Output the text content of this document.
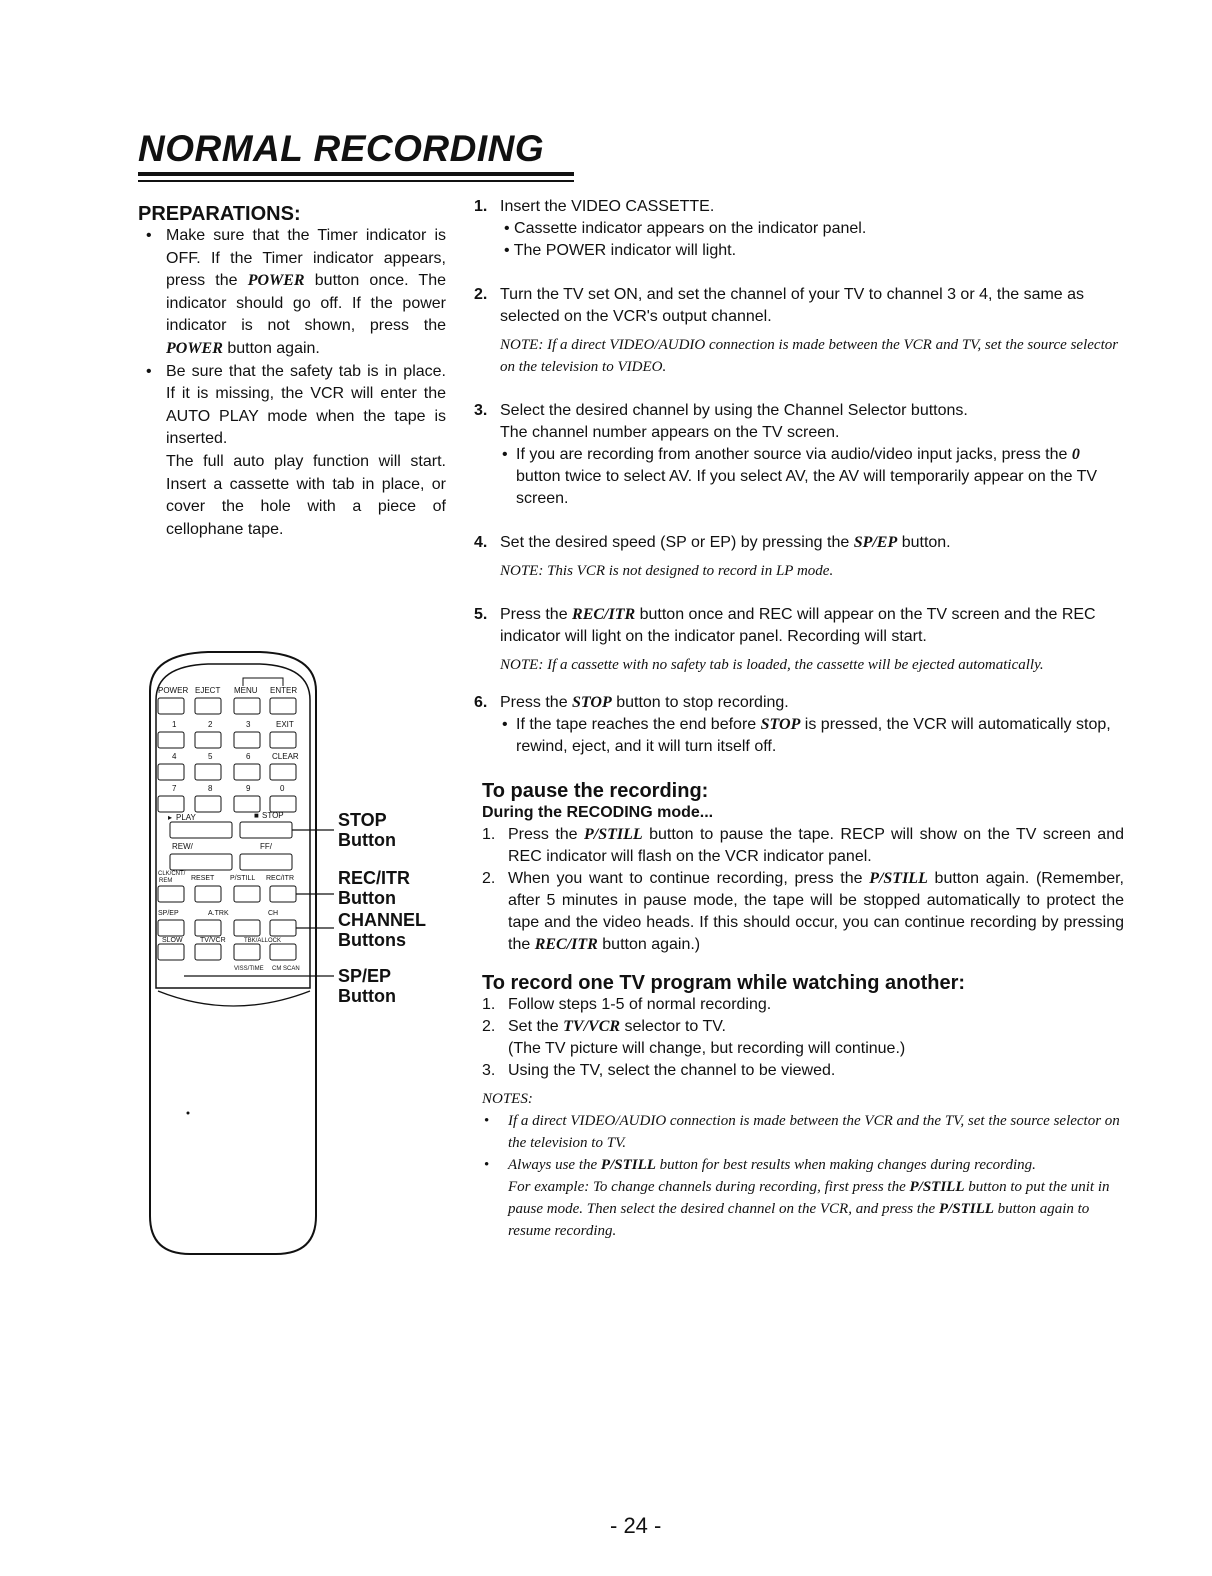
NORMAL RECORDING
PREPARATIONS:
• Make sure that the Timer indicator is OFF. If the Timer indicator appears, press the POWER button once. The indicator should go off. If the power indicator is not shown, press the POWER button again.
• Be sure that the safety tab is in place. If it is missing, the VCR will enter the AUTO PLAY mode when the tape is inserted.
The full auto play function will start. Insert a cassette with tab in place, or cover the hole with a piece of cellophane tape.
1. Insert the VIDEO CASSETTE.
• Cassette indicator appears on the indicator panel.
• The POWER indicator will light.
2. Turn the TV set ON, and set the channel of your TV to channel 3 or 4, the same as selected on the VCR's output channel.
NOTE: If a direct VIDEO/AUDIO connection is made between the VCR and TV, set the source selector on the television to VIDEO.
3. Select the desired channel by using the Channel Selector buttons.
The channel number appears on the TV screen.
• If you are recording from another source via audio/video input jacks, press the 0 button twice to select AV. If you select AV, the AV will temporarily appear on the TV screen.
4. Set the desired speed (SP or EP) by pressing the SP/EP button.
NOTE: This VCR is not designed to record in LP mode.
5. Press the REC/ITR button once and REC will appear on the TV screen and the REC indicator will light on the indicator panel. Recording will start.
NOTE: If a cassette with no safety tab is loaded, the cassette will be ejected automatically.
6. Press the STOP button to stop recording.
• If the tape reaches the end before STOP is pressed, the VCR will automatically stop, rewind, eject, and it will turn itself off.
To pause the recording:
During the RECODING mode...
1. Press the P/STILL button to pause the tape. RECP will show on the TV screen and REC indicator will flash on the VCR indicator panel.
2. When you want to continue recording, press the P/STILL button again. (Remember, after 5 minutes in pause mode, the tape will be stopped automatically to protect the tape and the video heads. If this should occur, you can continue recording by pressing the REC/ITR button again.)
To record one TV program while watching another:
1. Follow steps 1-5 of normal recording.
2. Set the TV/VCR selector to TV.
(The TV picture will change, but recording will continue.)
3. Using the TV, select the channel to be viewed.
NOTES:
• If a direct VIDEO/AUDIO connection is made between the VCR and the TV, set the source selector on the television to TV.
• Always use the P/STILL button for best results when making changes during recording.
For example: To change channels during recording, first press the P/STILL button to put the unit in pause mode. Then select the desired channel on the VCR, and press the P/STILL button again to resume recording.
POWER EJECT MENU ENTER
1	2	3	EXIT
4	5	6	CLEAR
7	8	9	0
▸ PLAY	■ STOP
REW/	FF/
CLK/CNT/
REM	RESET P/STILL REC/ITR
SP/EP	A.TRK	CH
SLOW TV/VCR	TBK/ALLOCK
VISS/TIME CM SCAN
STOP
Button
REC/ITR
Button
CHANNEL
Buttons
SP/EP
Button
- 24 -
